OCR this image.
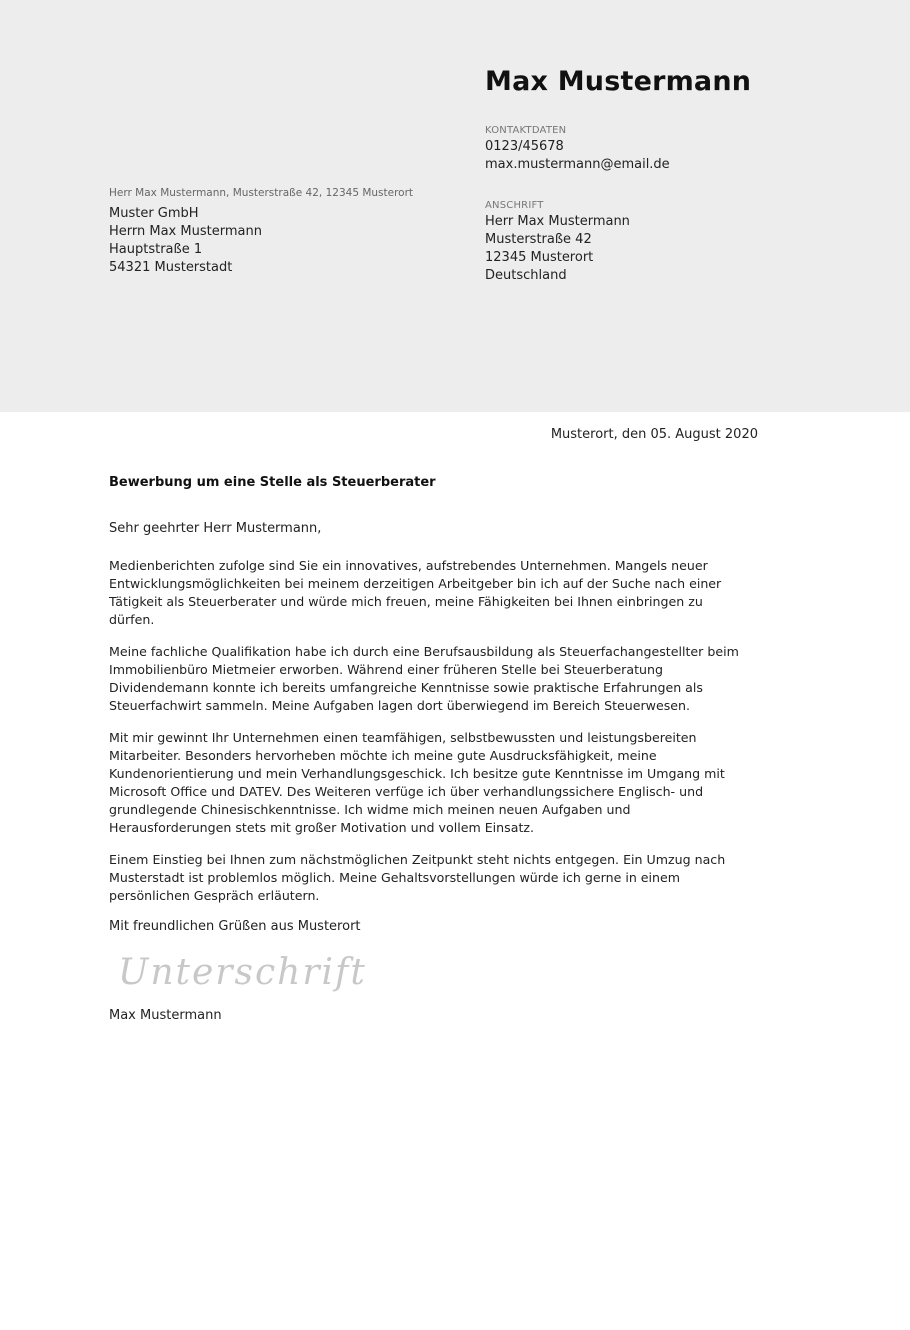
Max Mustermann
KONTAKTDATEN
0123/45678
max.mustermann@email.de
ANSCHRIFT
Herr Max Mustermann
Musterstraße 42
12345 Musterort
Deutschland
Herr Max Mustermann, Musterstraße 42, 12345 Musterort
Muster GmbH
Herrn Max Mustermann
Hauptstraße 1
54321 Musterstadt
Musterort, den 05. August 2020
Bewerbung um eine Stelle als Steuerberater
Sehr geehrter Herr Mustermann,

Medienberichten zufolge sind Sie ein innovatives, aufstrebendes Unternehmen. Mangels neuer Entwicklungsmöglichkeiten bei meinem derzeitigen Arbeitgeber bin ich auf der Suche nach einer Tätigkeit als Steuerberater und würde mich freuen, meine Fähigkeiten bei Ihnen einbringen zu dürfen.

Meine fachliche Qualifikation habe ich durch eine Berufsausbildung als Steuerfachangestellter beim Immobilienbüro Mietmeier erworben. Während einer früheren Stelle bei Steuerberatung Dividendemann konnte ich bereits umfangreiche Kenntnisse sowie praktische Erfahrungen als Steuerfachwirt sammeln. Meine Aufgaben lagen dort überwiegend im Bereich Steuerwesen.

Mit mir gewinnt Ihr Unternehmen einen teamfähigen, selbstbewussten und leistungsbereiten Mitarbeiter. Besonders hervorheben möchte ich meine gute Ausdrucksfähigkeit, meine Kundenorientierung und mein Verhandlungsgeschick. Ich besitze gute Kenntnisse im Umgang mit Microsoft Office und DATEV. Des Weiteren verfüge ich über verhandlungssichere Englisch- und grundlegende Chinesischkenntnisse. Ich widme mich meinen neuen Aufgaben und Herausforderungen stets mit großer Motivation und vollem Einsatz.

Einem Einstieg bei Ihnen zum nächstmöglichen Zeitpunkt steht nichts entgegen. Ein Umzug nach Musterstadt ist problemlos möglich. Meine Gehaltsvorstellungen würde ich gerne in einem persönlichen Gespräch erläutern.

Mit freundlichen Grüßen aus Musterort
Unterschrift
Max Mustermann
